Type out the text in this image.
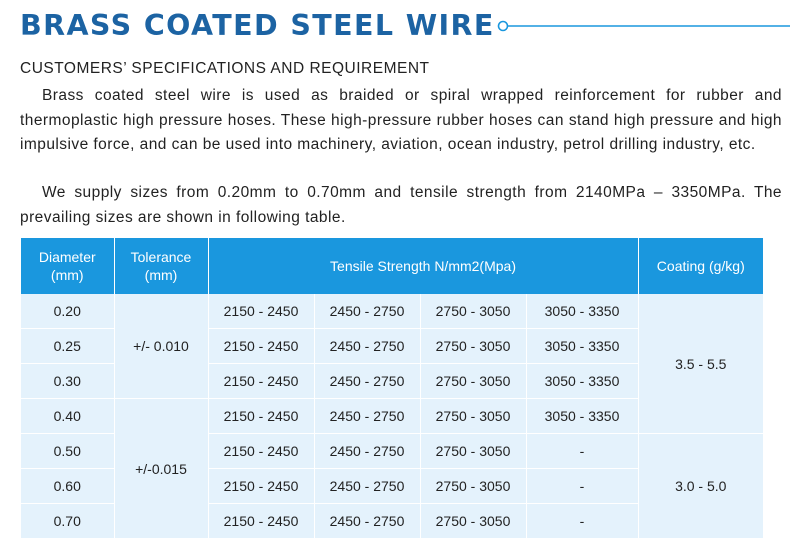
BRASS COATED STEEL WIRE
CUSTOMERS’ SPECIFICATIONS AND REQUIREMENT

Brass coated steel wire is used as braided or spiral wrapped reinforcement for rubber and thermoplastic high pressure hoses. These high-pressure rubber hoses can stand high pressure and high impulsive force, and can be used into machinery, aviation, ocean industry, petrol drilling industry, etc.

We supply sizes from 0.20mm to 0.70mm and tensile strength from 2140MPa – 3350MPa. The prevailing sizes are shown in following table.

Diameter (mm)	Tolerance (mm)	Tensile Strength N/mm2(Mpa)				Coating (g/kg)
0.20	+/- 0.010	2150 - 2450	2450 - 2750	2750 - 3050	3050 - 3350	3.5 - 5.5
0.25		2150 - 2450	2450 - 2750	2750 - 3050	3050 - 3350	
0.30		2150 - 2450	2450 - 2750	2750 - 3050	3050 - 3350	
0.40	+/-0.015	2150 - 2450	2450 - 2750	2750 - 3050	3050 - 3350	
0.50		2150 - 2450	2450 - 2750	2750 - 3050	-	3.0 - 5.0
0.60		2150 - 2450	2450 - 2750	2750 - 3050	-	
0.70		2150 - 2450	2450 - 2750	2750 - 3050	-	
